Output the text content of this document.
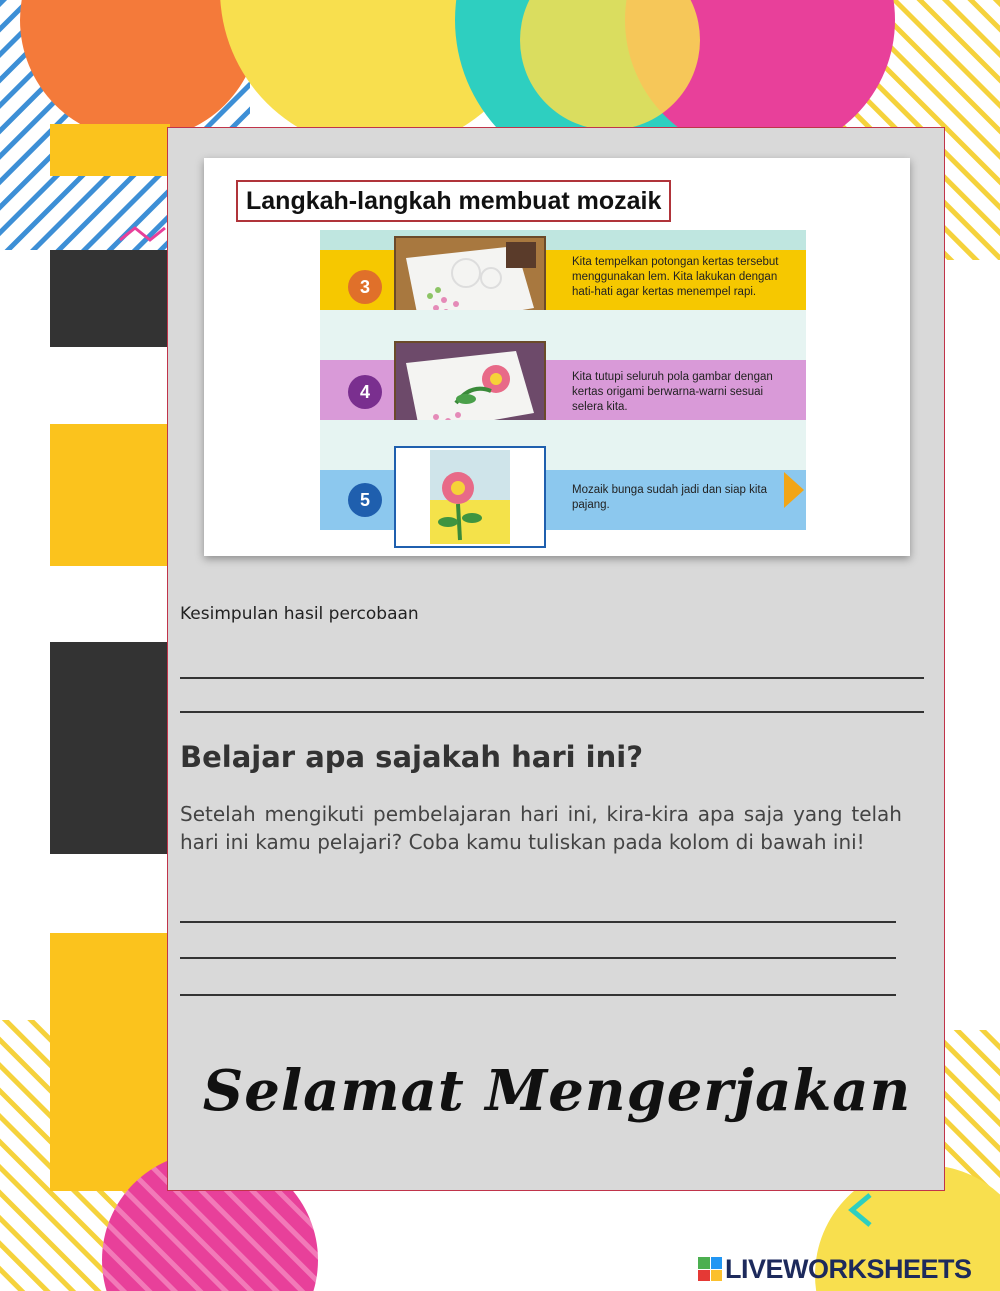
Langkah-langkah membuat mozaik
3
Kita tempelkan potongan kertas tersebut menggunakan lem. Kita lakukan dengan hati-hati agar kertas menempel rapi.
4
Kita tutupi seluruh pola gambar dengan kertas origami berwarna-warni sesuai selera kita.
5	Mozaik bunga sudah jadi dan siap kita pajang.
Kesimpulan hasil percobaan
Belajar apa sajakah hari ini?
Setelah mengikuti pembelajaran hari ini, kira-kira apa saja yang telah hari ini kamu pelajari? Coba kamu tuliskan pada kolom di bawah ini!
Selamat Mengerjakan
LIVEWORKSHEETS
